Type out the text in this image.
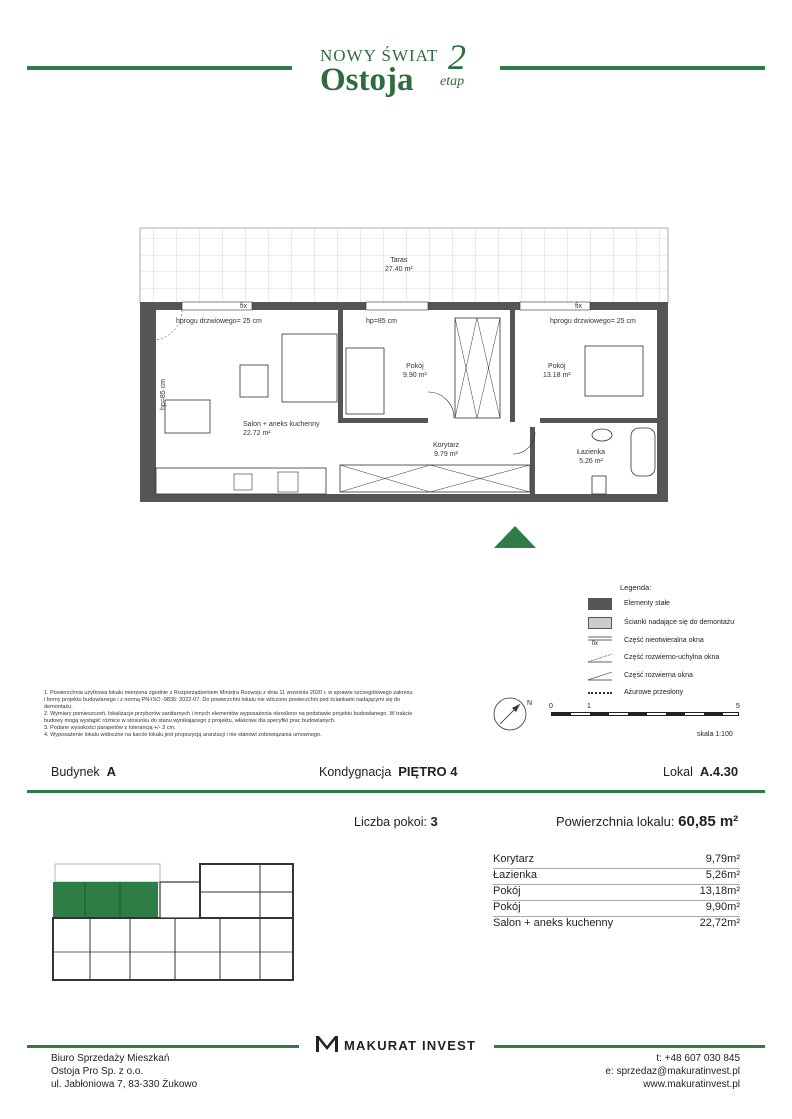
NOWY ŚWIAT
Ostoja
2
etap
Taras
27.40 m²
fix	fix
hprogu drzwiowego= 25 cm	hp=85 cm	hprogu drzwiowego= 25 cm
hp=85 cm
Salon + aneks kuchenny
22.72 m²
Pokój
9.90 m²
Pokój
13.18 m²
Korytarz
9.79 m²	Łazienka
5.26 m²
Legenda:
Elementy stałe
Ścianki nadające się do demontażu
fix	Część nieotwieralna okna
Część rozwierno-uchylna okna
Część rozwierna okna
Ażurowe przesłony
1. Powierzchnia użytkowa lokalu mierzona zgodnie z Rozporządzeniem Ministra Rozwoju z dnia 11 września 2020 r. w sprawie szczegółowego zakresu
i formy projektu budowlanego i z normą PN-ISO -9836: 2022-07. Do powierzchni lokalu nie wliczono powierzchni pod ściankami nadającymi się do
demontażu.
2. Wymiary pomieszczeń, lokalizacje przyborów sanitarnych i innych elementów wyposażenia określono na podstawie projektu budowlanego. W trakcie
budowy mogą wystąpić różnice w stosunku do stanu wynikającego z projektu, właściwe dla specyfiki prac budowlanych.
3. Podane wysokości parapetów z tolerancją +/- 3 cm.
4. Wyposażenie lokalu widoczne na karcie lokalu jest propozycją aranżacji i nie stanowi zobowiązania umownego.
N 0	1	5
skala 1:100
Budynek A	Kondygnacja PIĘTRO 4	Lokal A.4.30
Liczba pokoi: 3	Powierzchnia lokalu: 60,85 m²
Korytarz	9,79m²
Łazienka	5,26m²
Pokój	13,18m²
Pokój	9,90m²
Salon + aneks kuchenny	22,72m²
MAKURAT INVEST
Biuro Sprzedaży Mieszkań
Ostoja Pro Sp. z o.o.
ul. Jabłoniowa 7, 83-330 Żukowo
t: +48 607 030 845
e: sprzedaz@makuratinvest.pl
www.makuratinvest.pl
